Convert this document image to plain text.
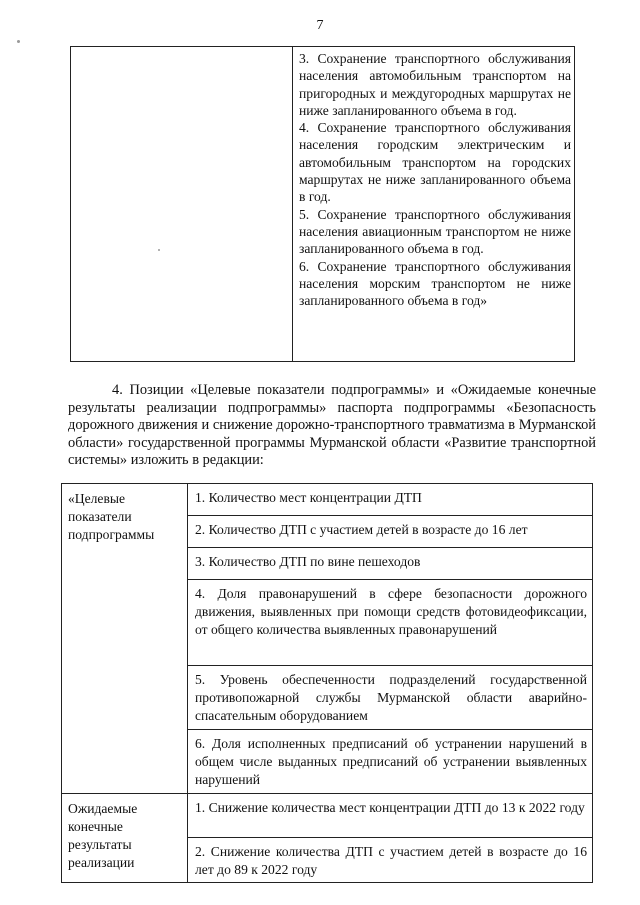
7

3. Сохранение транспортного обслуживания населения автомобильным транспортом на пригородных и междугородных маршрутах не ниже запланированного объема в год.

4. Сохранение транспортного обслуживания населения городским электрическим и автомобильным транспортом на городских маршрутах не ниже запланированного объема в год.

5. Сохранение транспортного обслуживания населения авиационным транспортом не ниже запланированного объема в год.

6. Сохранение транспортного обслуживания населения морским транспортом не ниже запланированного объема в год»

4. Позиции «Целевые показатели подпрограммы» и «Ожидаемые конечные результаты реализации подпрограммы» паспорта подпрограммы «Безопасность дорожного движения и снижение дорожно-транспортного травматизма в Мурманской области» государственной программы Мурманской области «Развитие транспортной системы» изложить в редакции:

«Целевые показатели подпрограммы	1. Количество мест концентрации ДТП
	2. Количество ДТП с участием детей в возрасте до 16 лет
	3. Количество ДТП по вине пешеходов
	4. Доля правонарушений в сфере безопасности дорожного движения, выявленных при помощи средств фотовидеофиксации, от общего количества выявленных правонарушений
	5. Уровень обеспеченности подразделений государственной противопожарной службы Мурманской области аварийно-спасательным оборудованием
	6. Доля исполненных предписаний об устранении нарушений в общем числе выданных предписаний об устранении выявленных нарушений
Ожидаемые конечные результаты реализации	1. Снижение количества мест концентрации ДТП до 13 к 2022 году
	2. Снижение количества ДТП с участием детей в возрасте до 16 лет до 89 к 2022 году
